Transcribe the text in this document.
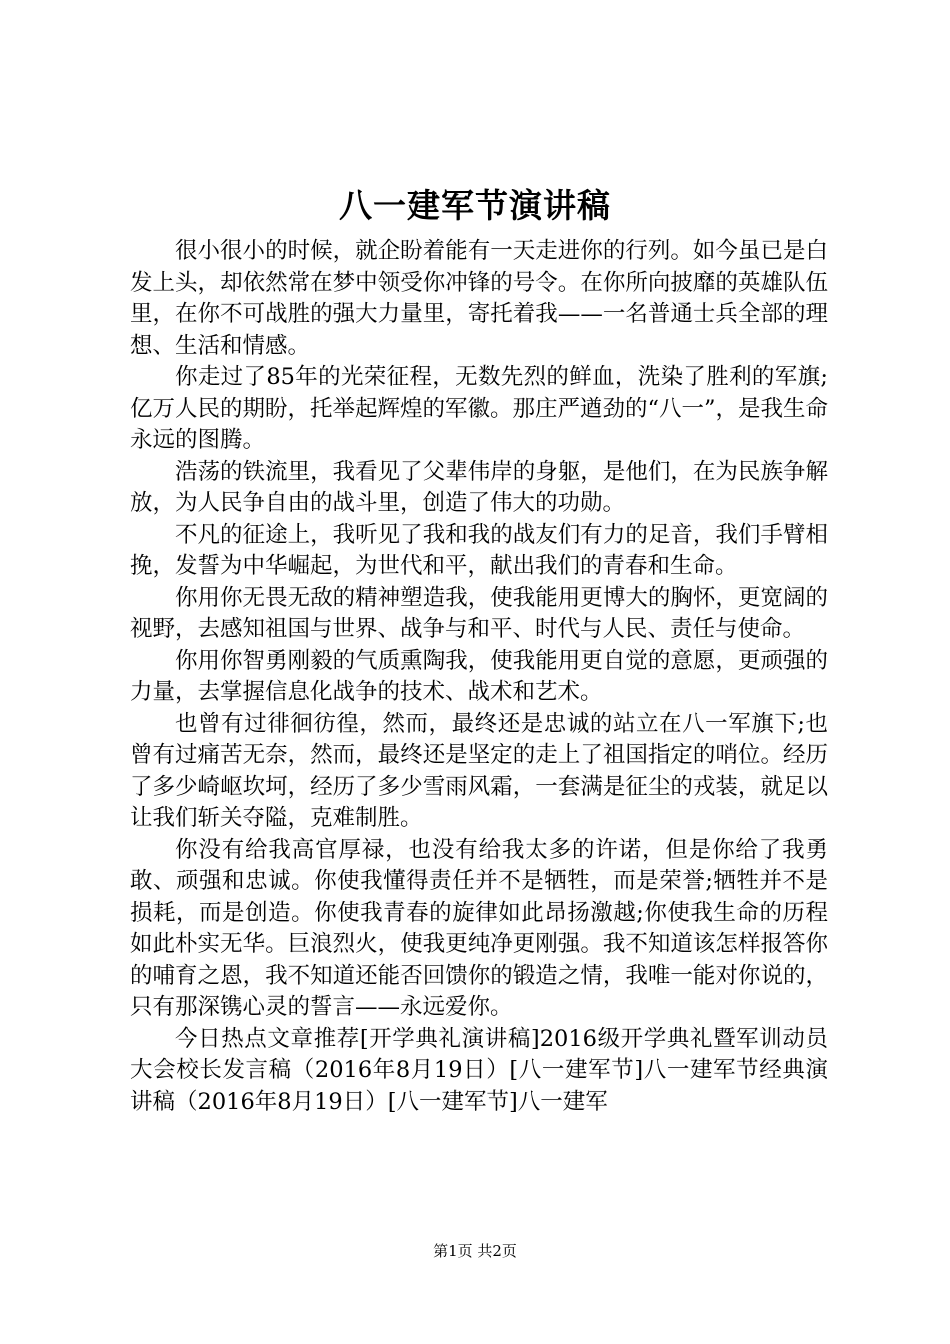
八一建军节演讲稿

很小很小的时候，就企盼着能有一天走进你的行列。如今虽已是白发上头，却依然常在梦中领受你冲锋的号令。在你所向披靡的英雄队伍里，在你不可战胜的强大力量里，寄托着我——一名普通士兵全部的理想、生活和情感。

你走过了85年的光荣征程，无数先烈的鲜血，洗染了胜利的军旗;亿万人民的期盼，托举起辉煌的军徽。那庄严遒劲的“八一”，是我生命永远的图腾。

浩荡的铁流里，我看见了父辈伟岸的身躯，是他们，在为民族争解放，为人民争自由的战斗里，创造了伟大的功勋。

不凡的征途上，我听见了我和我的战友们有力的足音，我们手臂相挽，发誓为中华崛起，为世代和平，献出我们的青春和生命。

你用你无畏无敌的精神塑造我，使我能用更博大的胸怀，更宽阔的视野，去感知祖国与世界、战争与和平、时代与人民、责任与使命。

你用你智勇刚毅的气质熏陶我，使我能用更自觉的意愿，更顽强的力量，去掌握信息化战争的技术、战术和艺术。

也曾有过徘徊彷徨，然而，最终还是忠诚的站立在八一军旗下;也曾有过痛苦无奈，然而，最终还是坚定的走上了祖国指定的哨位。经历了多少崎岖坎坷，经历了多少雪雨风霜，一套满是征尘的戎装，就足以让我们斩关夺隘，克难制胜。

你没有给我高官厚禄，也没有给我太多的许诺，但是你给了我勇敢、顽强和忠诚。你使我懂得责任并不是牺牲，而是荣誉;牺牲并不是损耗，而是创造。你使我青春的旋律如此昂扬激越;你使我生命的历程如此朴实无华。巨浪烈火，使我更纯净更刚强。我不知道该怎样报答你的哺育之恩，我不知道还能否回馈你的锻造之情，我唯一能对你说的，只有那深镌心灵的誓言——永远爱你。

今日热点文章推荐[开学典礼演讲稿]2016级开学典礼暨军训动员大会校长发言稿（2016年8月19日）[八一建军节]八一建军节经典演讲稿（2016年8月19日）[八一建军节]八一建军

第1页 共2页
